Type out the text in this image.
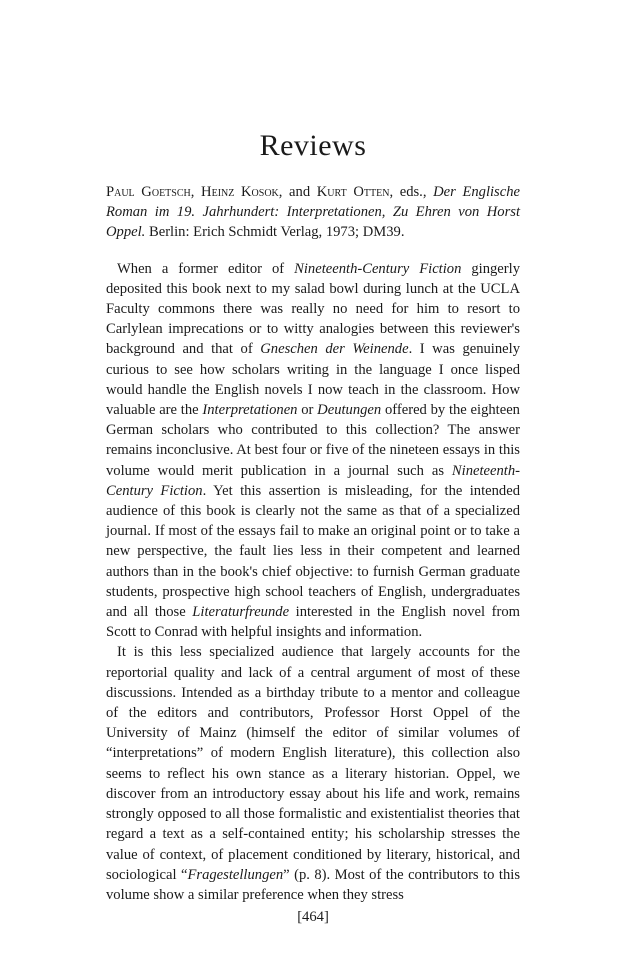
Reviews
Paul Goetsch, Heinz Kosok, and Kurt Otten, eds., Der Englische Roman im 19. Jahrhundert: Interpretationen, Zu Ehren von Horst Oppel. Berlin: Erich Schmidt Verlag, 1973; DM39.

When a former editor of Nineteenth-Century Fiction gingerly deposited this book next to my salad bowl during lunch at the UCLA Faculty commons there was really no need for him to resort to Carlylean imprecations or to witty analogies between this reviewer's background and that of Gneschen der Weinende. I was genuinely curious to see how scholars writing in the language I once lisped would handle the English novels I now teach in the classroom. How valuable are the Interpretationen or Deutungen offered by the eighteen German scholars who contributed to this collection? The answer remains inconclusive. At best four or five of the nineteen essays in this volume would merit publication in a journal such as Nineteenth-Century Fiction. Yet this assertion is misleading, for the intended audience of this book is clearly not the same as that of a specialized journal. If most of the essays fail to make an original point or to take a new perspective, the fault lies less in their competent and learned authors than in the book's chief objective: to furnish German graduate students, prospective high school teachers of English, undergraduates and all those Literaturfreunde interested in the English novel from Scott to Conrad with helpful insights and information.

It is this less specialized audience that largely accounts for the reportorial quality and lack of a central argument of most of these discussions. Intended as a birthday tribute to a mentor and colleague of the editors and contributors, Professor Horst Oppel of the University of Mainz (himself the editor of similar volumes of “interpretations” of modern English literature), this collection also seems to reflect his own stance as a literary historian. Oppel, we discover from an introductory essay about his life and work, remains strongly opposed to all those formalistic and existentialist theories that regard a text as a self-contained entity; his scholarship stresses the value of context, of placement conditioned by literary, historical, and sociological “Fragestellungen” (p. 8). Most of the contributors to this volume show a similar preference when they stress

[464]
